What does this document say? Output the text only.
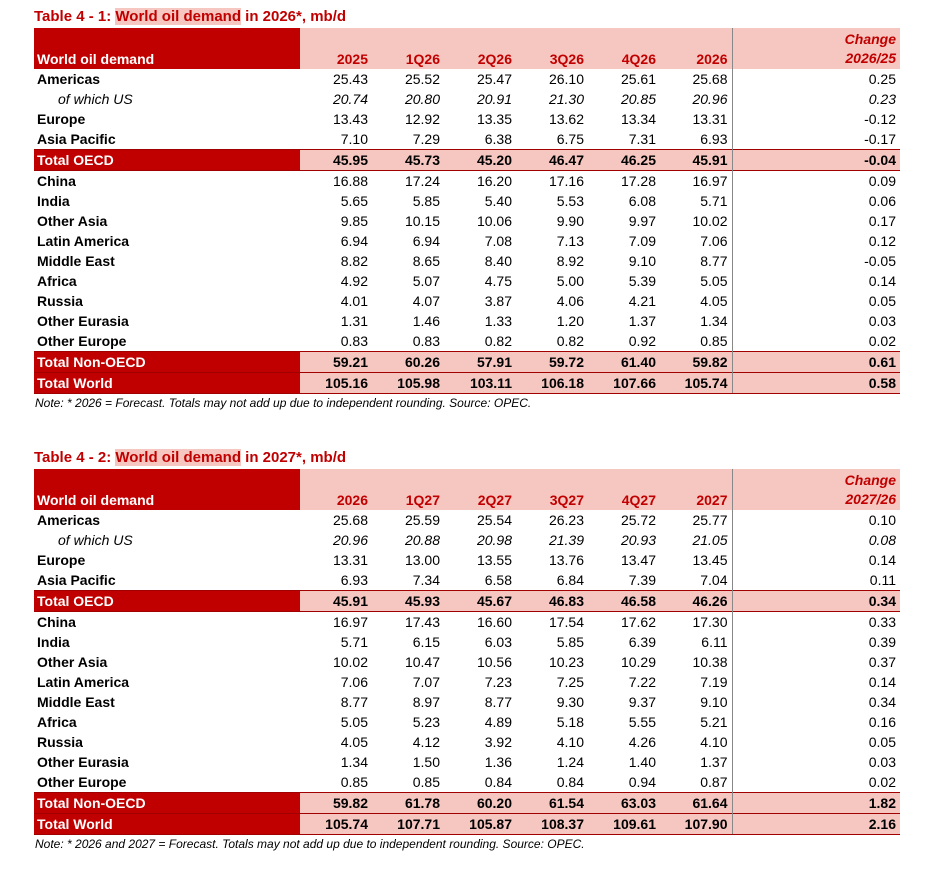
Table 4 - 1: World oil demand in 2026*, mb/d
World oil demand	2025	1Q26	2Q26	3Q26	4Q26	2026	Change
2026/25

Americas	25.43	25.52	25.47	26.10	25.61	25.68	0.25
of which US	20.74	20.80	20.91	21.30	20.85	20.96	0.23
Europe	13.43	12.92	13.35	13.62	13.34	13.31	-0.12
Asia Pacific	7.10	7.29	6.38	6.75	7.31	6.93	-0.17
Total OECD	45.95	45.73	45.20	46.47	46.25	45.91	-0.04
China	16.88	17.24	16.20	17.16	17.28	16.97	0.09
India	5.65	5.85	5.40	5.53	6.08	5.71	0.06
Other Asia	9.85	10.15	10.06	9.90	9.97	10.02	0.17
Latin America	6.94	6.94	7.08	7.13	7.09	7.06	0.12
Middle East	8.82	8.65	8.40	8.92	9.10	8.77	-0.05
Africa	4.92	5.07	4.75	5.00	5.39	5.05	0.14
Russia	4.01	4.07	3.87	4.06	4.21	4.05	0.05
Other Eurasia	1.31	1.46	1.33	1.20	1.37	1.34	0.03
Other Europe	0.83	0.83	0.82	0.82	0.92	0.85	0.02
Total Non-OECD	59.21	60.26	57.91	59.72	61.40	59.82	0.61
Total World	105.16	105.98	103.11	106.18	107.66	105.74	0.58
Note: * 2026 = Forecast. Totals may not add up due to independent rounding. Source: OPEC.
Table 4 - 2: World oil demand in 2027*, mb/d
World oil demand	2026	1Q27	2Q27	3Q27	4Q27	2027	Change
2027/26

Americas	25.68	25.59	25.54	26.23	25.72	25.77	0.10
of which US	20.96	20.88	20.98	21.39	20.93	21.05	0.08
Europe	13.31	13.00	13.55	13.76	13.47	13.45	0.14
Asia Pacific	6.93	7.34	6.58	6.84	7.39	7.04	0.11
Total OECD	45.91	45.93	45.67	46.83	46.58	46.26	0.34
China	16.97	17.43	16.60	17.54	17.62	17.30	0.33
India	5.71	6.15	6.03	5.85	6.39	6.11	0.39
Other Asia	10.02	10.47	10.56	10.23	10.29	10.38	0.37
Latin America	7.06	7.07	7.23	7.25	7.22	7.19	0.14
Middle East	8.77	8.97	8.77	9.30	9.37	9.10	0.34
Africa	5.05	5.23	4.89	5.18	5.55	5.21	0.16
Russia	4.05	4.12	3.92	4.10	4.26	4.10	0.05
Other Eurasia	1.34	1.50	1.36	1.24	1.40	1.37	0.03
Other Europe	0.85	0.85	0.84	0.84	0.94	0.87	0.02
Total Non-OECD	59.82	61.78	60.20	61.54	63.03	61.64	1.82
Total World	105.74	107.71	105.87	108.37	109.61	107.90	2.16
Note: * 2026 and 2027 = Forecast. Totals may not add up due to independent rounding. Source: OPEC.
